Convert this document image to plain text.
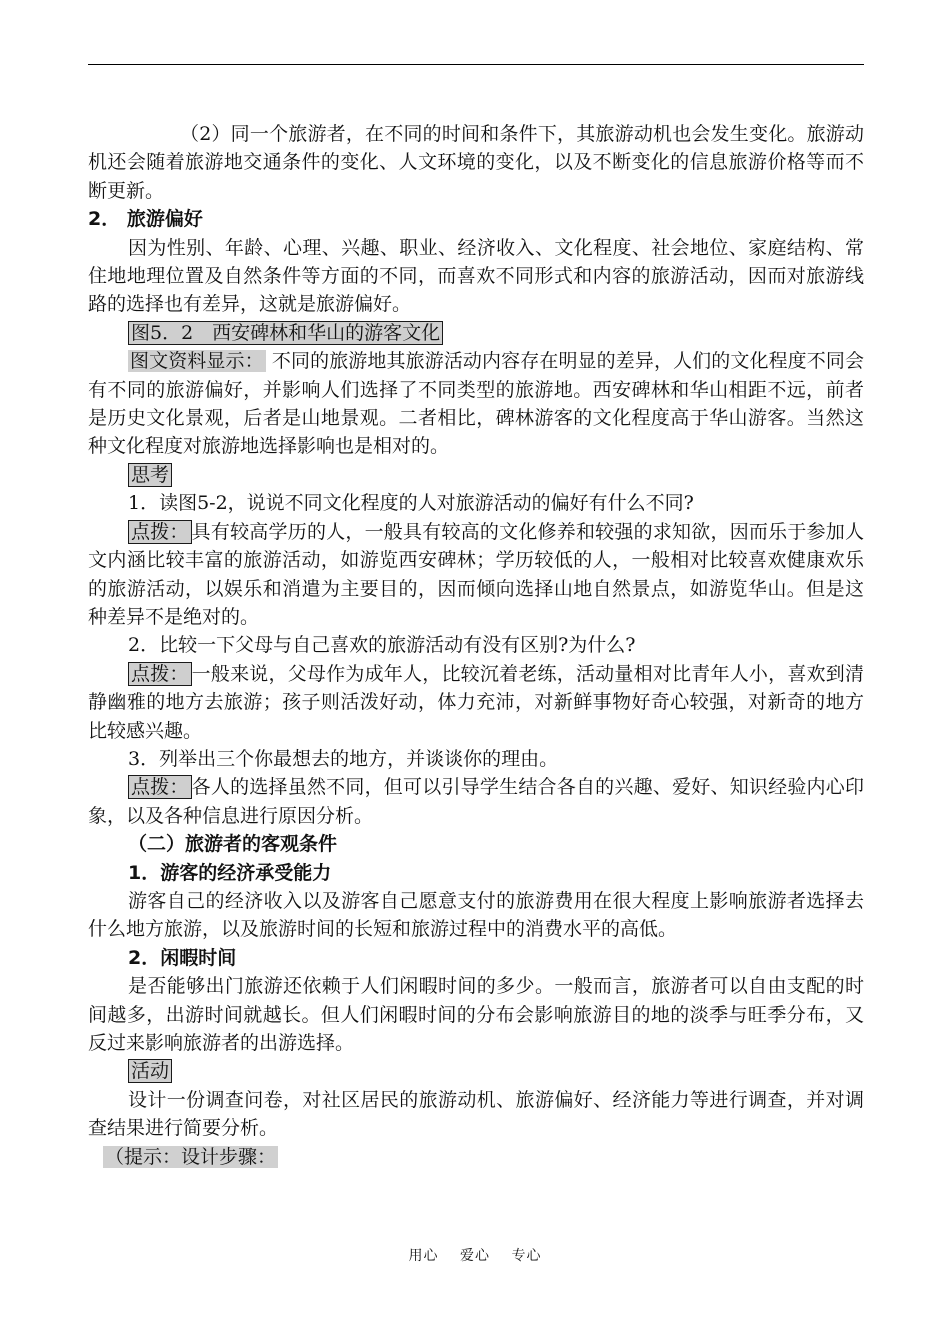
（2）同一个旅游者，在不同的时间和条件下，其旅游动机也会发生变化。旅游动机还会随着旅游地交通条件的变化、人文环境的变化，以及不断变化的信息旅游价格等而不断更新。

2． 旅游偏好

因为性别、年龄、心理、兴趣、职业、经济收入、文化程度、社会地位、家庭结构、常住地地理位置及自然条件等方面的不同，而喜欢不同形式和内容的旅游活动，因而对旅游线路的选择也有差异，这就是旅游偏好。

图5．2　西安碑林和华山的游客文化

图文资料显示： 不同的旅游地其旅游活动内容存在明显的差异，人们的文化程度不同会有不同的旅游偏好，并影响人们选择了不同类型的旅游地。西安碑林和华山相距不远，前者是历史文化景观，后者是山地景观。二者相比，碑林游客的文化程度高于华山游客。当然这种文化程度对旅游地选择影响也是相对的。

思考

1．读图5-2，说说不同文化程度的人对旅游活动的偏好有什么不同?

点拨： 具有较高学历的人，一般具有较高的文化修养和较强的求知欲，因而乐于参加人文内涵比较丰富的旅游活动，如游览西安碑林；学历较低的人，一般相对比较喜欢健康欢乐的旅游活动，以娱乐和消遣为主要目的，因而倾向选择山地自然景点，如游览华山。但是这种差异不是绝对的。

2．比较一下父母与自己喜欢的旅游活动有没有区别?为什么?

点拨： 一般来说，父母作为成年人，比较沉着老练，活动量相对比青年人小，喜欢到清静幽雅的地方去旅游；孩子则活泼好动，体力充沛，对新鲜事物好奇心较强，对新奇的地方比较感兴趣。

3．列举出三个你最想去的地方，并谈谈你的理由。

点拨： 各人的选择虽然不同，但可以引导学生结合各自的兴趣、爱好、知识经验内心印象，以及各种信息进行原因分析。

（二）旅游者的客观条件

1．游客的经济承受能力

游客自己的经济收入以及游客自己愿意支付的旅游费用在很大程度上影响旅游者选择去什么地方旅游，以及旅游时间的长短和旅游过程中的消费水平的高低。

2．闲暇时间

是否能够出门旅游还依赖于人们闲暇时间的多少。一般而言，旅游者可以自由支配的时间越多，出游时间就越长。但人们闲暇时间的分布会影响旅游目的地的淡季与旺季分布，又反过来影响旅游者的出游选择。

活动

设计一份调查问卷，对社区居民的旅游动机、旅游偏好、经济能力等进行调查，并对调查结果进行简要分析。

（提示：设计步骤：

用心 爱心 专心
